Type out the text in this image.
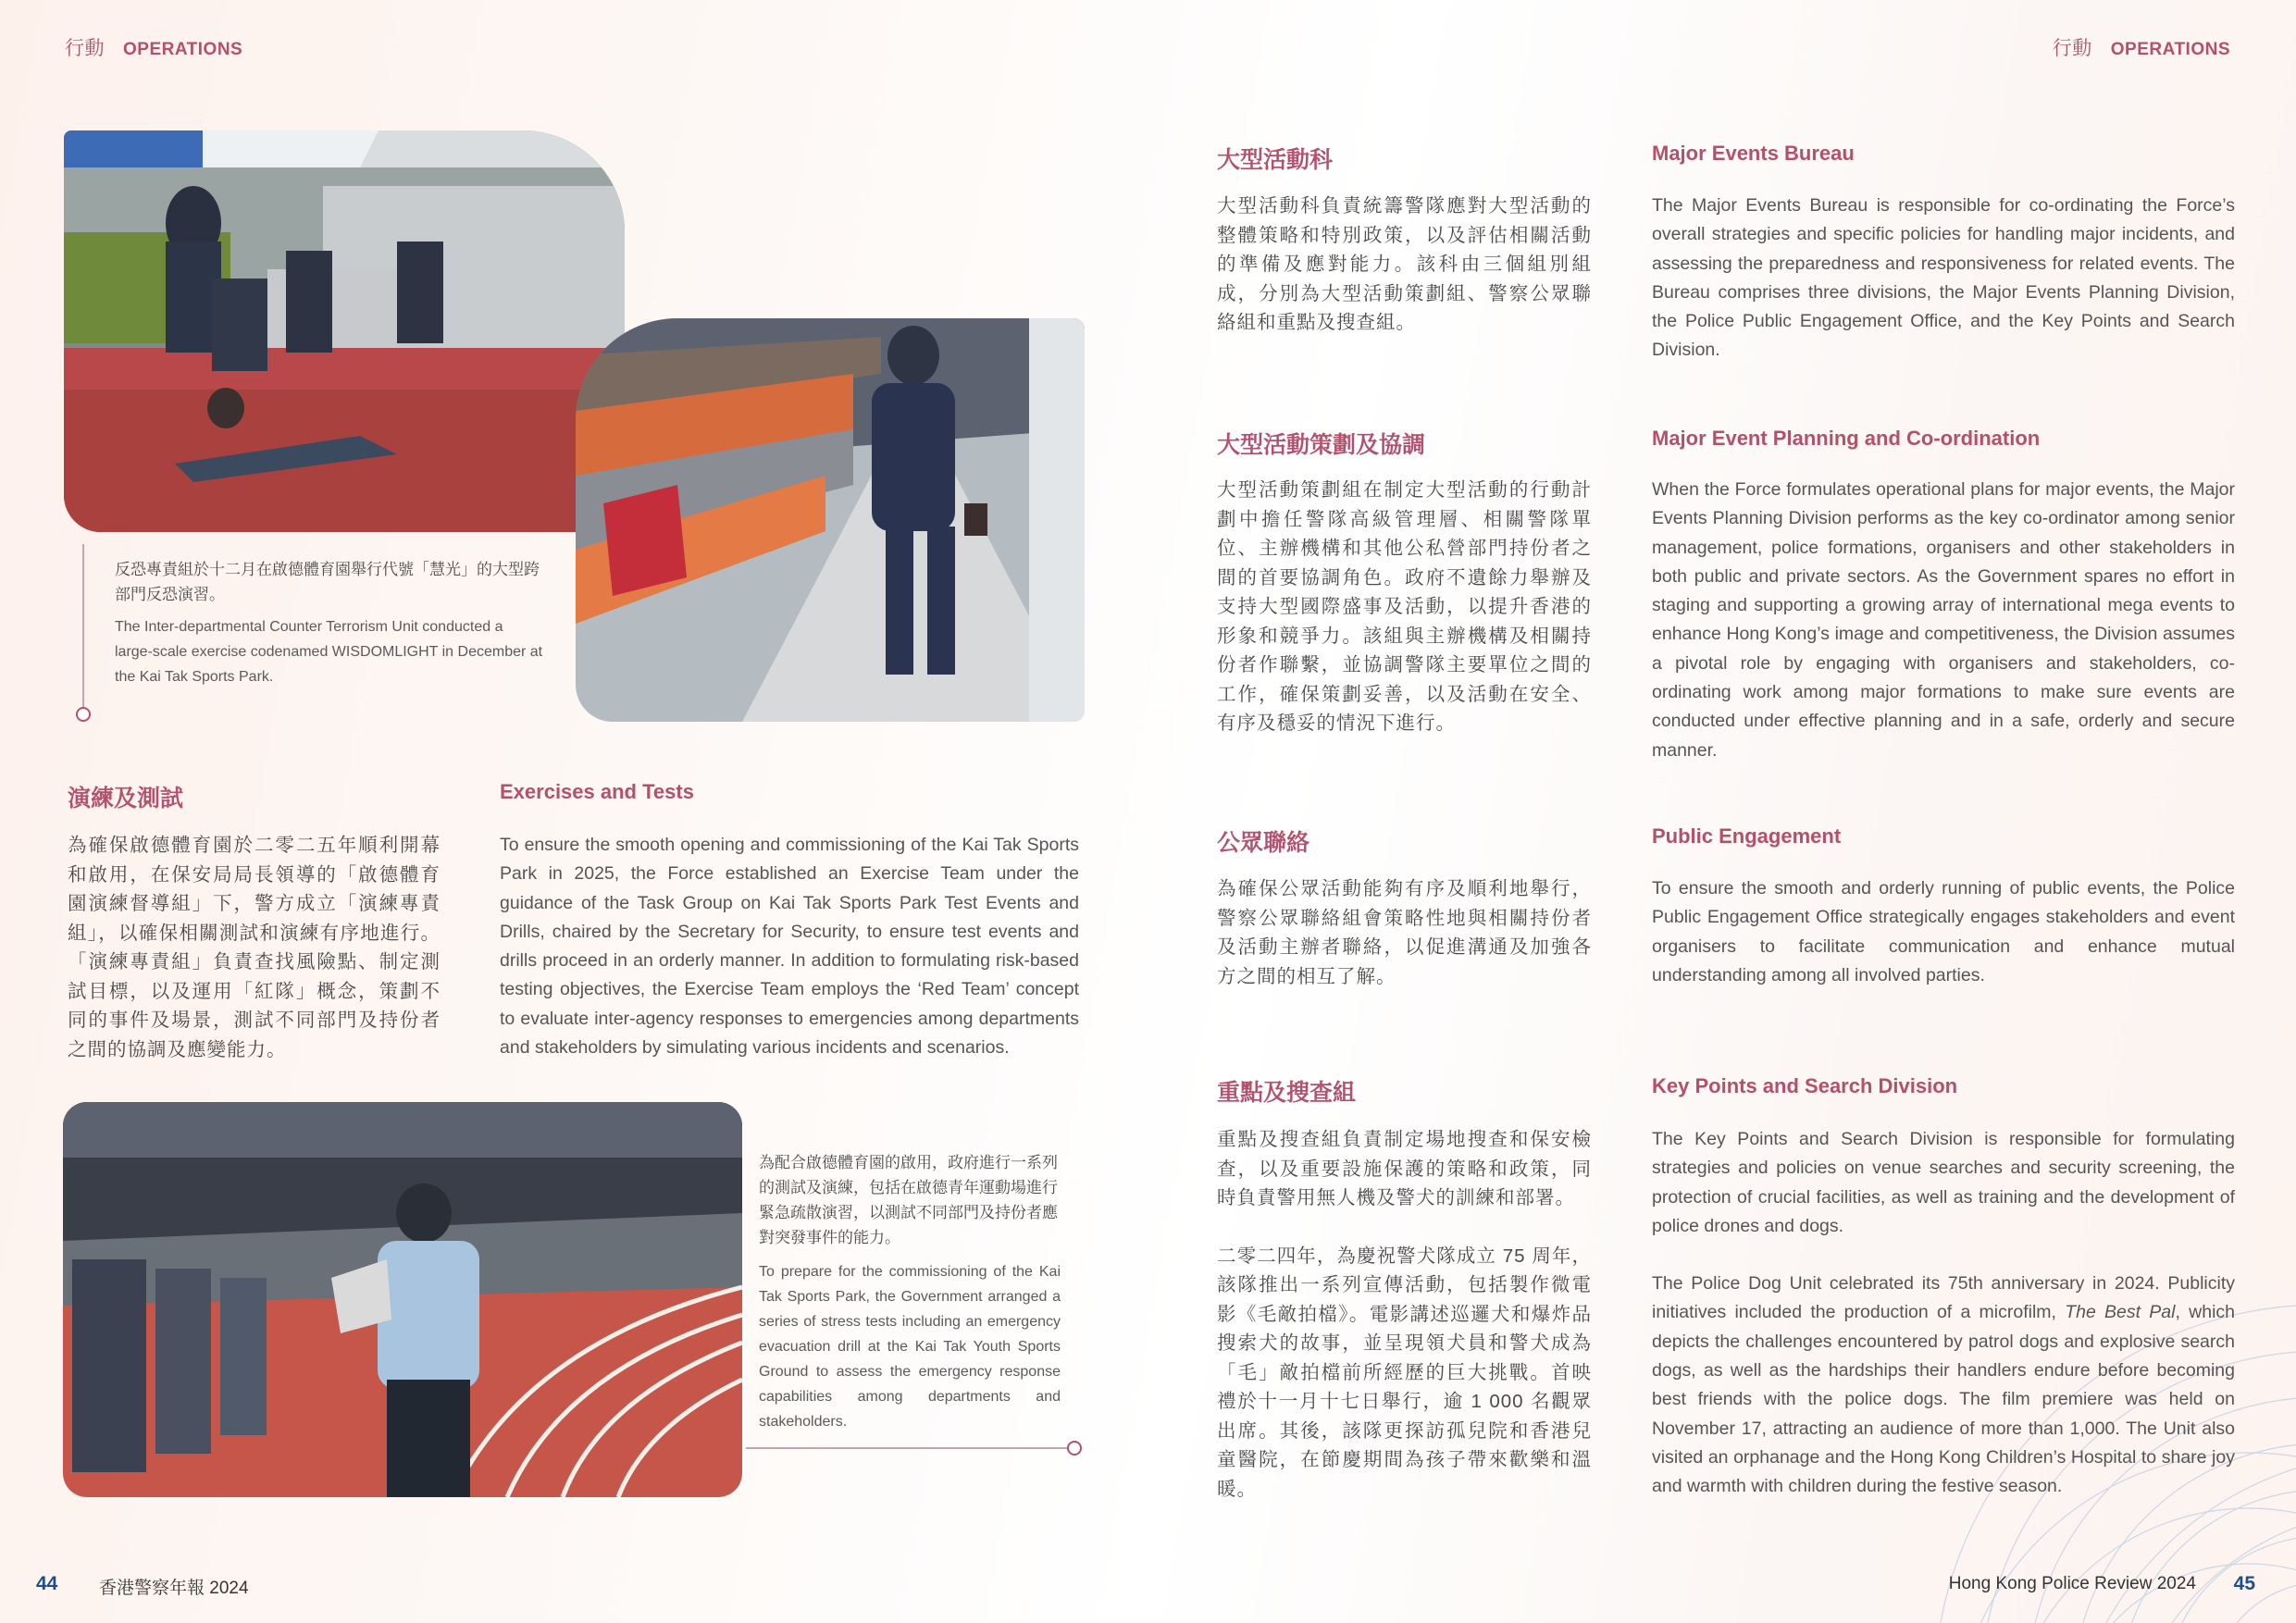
行動 OPERATIONS	行動 OPERATIONS
反恐專責組於十二月在啟德體育園舉行代號「慧光」的大型跨部門反恐演習。
The Inter-departmental Counter Terrorism Unit conducted a large-scale exercise codenamed WISDOMLIGHT in December at the Kai Tak Sports Park.
演練及測試
為確保啟德體育園於二零二五年順利開幕和啟用，在保安局局長領導的「啟德體育園演練督導組」下，警方成立「演練專責組」，以確保相關測試和演練有序地進行。「演練專責組」負責查找風險點、制定測試目標，以及運用「紅隊」概念，策劃不同的事件及場景，測試不同部門及持份者之間的協調及應變能力。
Exercises and Tests
To ensure the smooth opening and commissioning of the Kai Tak Sports Park in 2025, the Force established an Exercise Team under the guidance of the Task Group on Kai Tak Sports Park Test Events and Drills, chaired by the Secretary for Security, to ensure test events and drills proceed in an orderly manner. In addition to formulating risk-based testing objectives, the Exercise Team employs the ‘Red Team’ concept to evaluate inter-agency responses to emergencies among departments and stakeholders by simulating various incidents and scenarios.
為配合啟德體育園的啟用，政府進行一系列的測試及演練，包括在啟德青年運動場進行緊急疏散演習，以測試不同部門及持份者應對突發事件的能力。
To prepare for the commissioning of the Kai Tak Sports Park, the Government arranged a series of stress tests including an emergency evacuation drill at the Kai Tak Youth Sports Ground to assess the emergency response capabilities among departments and stakeholders.
大型活動科
大型活動科負責統籌警隊應對大型活動的整體策略和特別政策，以及評估相關活動的準備及應對能力。該科由三個組別組成，分別為大型活動策劃組、警察公眾聯絡組和重點及搜查組。
Major Events Bureau
The Major Events Bureau is responsible for co-ordinating the Force’s overall strategies and specific policies for handling major incidents, and assessing the preparedness and responsiveness for related events. The Bureau comprises three divisions, the Major Events Planning Division, the Police Public Engagement Office, and the Key Points and Search Division.
大型活動策劃及協調
大型活動策劃組在制定大型活動的行動計劃中擔任警隊高級管理層、相關警隊單位、主辦機構和其他公私營部門持份者之間的首要協調角色。政府不遺餘力舉辦及支持大型國際盛事及活動，以提升香港的形象和競爭力。該組與主辦機構及相關持份者作聯繫，並協調警隊主要單位之間的工作，確保策劃妥善，以及活動在安全、有序及穩妥的情況下進行。
Major Event Planning and Co-ordination
When the Force formulates operational plans for major events, the Major Events Planning Division performs as the key co-ordinator among senior management, police formations, organisers and other stakeholders in both public and private sectors. As the Government spares no effort in staging and supporting a growing array of international mega events to enhance Hong Kong’s image and competitiveness, the Division assumes a pivotal role by engaging with organisers and stakeholders, co-ordinating work among major formations to make sure events are conducted under effective planning and in a safe, orderly and secure manner.
公眾聯絡
為確保公眾活動能夠有序及順利地舉行，警察公眾聯絡組會策略性地與相關持份者及活動主辦者聯絡，以促進溝通及加強各方之間的相互了解。
Public Engagement
To ensure the smooth and orderly running of public events, the Police Public Engagement Office strategically engages stakeholders and event organisers to facilitate communication and enhance mutual understanding among all involved parties.
重點及搜查組
重點及搜查組負責制定場地搜查和保安檢查，以及重要設施保護的策略和政策，同時負責警用無人機及警犬的訓練和部署。
二零二四年，為慶祝警犬隊成立 75 周年，該隊推出一系列宣傳活動，包括製作微電影《毛敵拍檔》。電影講述巡邏犬和爆炸品搜索犬的故事，並呈現領犬員和警犬成為「毛」敵拍檔前所經歷的巨大挑戰。首映禮於十一月十七日舉行，逾 1 000 名觀眾出席。其後，該隊更探訪孤兒院和香港兒童醫院，在節慶期間為孩子帶來歡樂和溫暖。
Key Points and Search Division
The Key Points and Search Division is responsible for formulating strategies and policies on venue searches and security screening, the protection of crucial facilities, as well as training and the development of police drones and dogs.
The Police Dog Unit celebrated its 75th anniversary in 2024. Publicity initiatives included the production of a microfilm, The Best Pal, which depicts the challenges encountered by patrol dogs and explosive search dogs, as well as the hardships their handlers endure before becoming best friends with the police dogs. The film premiere was held on November 17, attracting an audience of more than 1,000. The Unit also visited an orphanage and the Hong Kong Children’s Hospital to share joy and warmth with children during the festive season.
44 香港警察年報 2024	Hong Kong Police Review 2024 45
